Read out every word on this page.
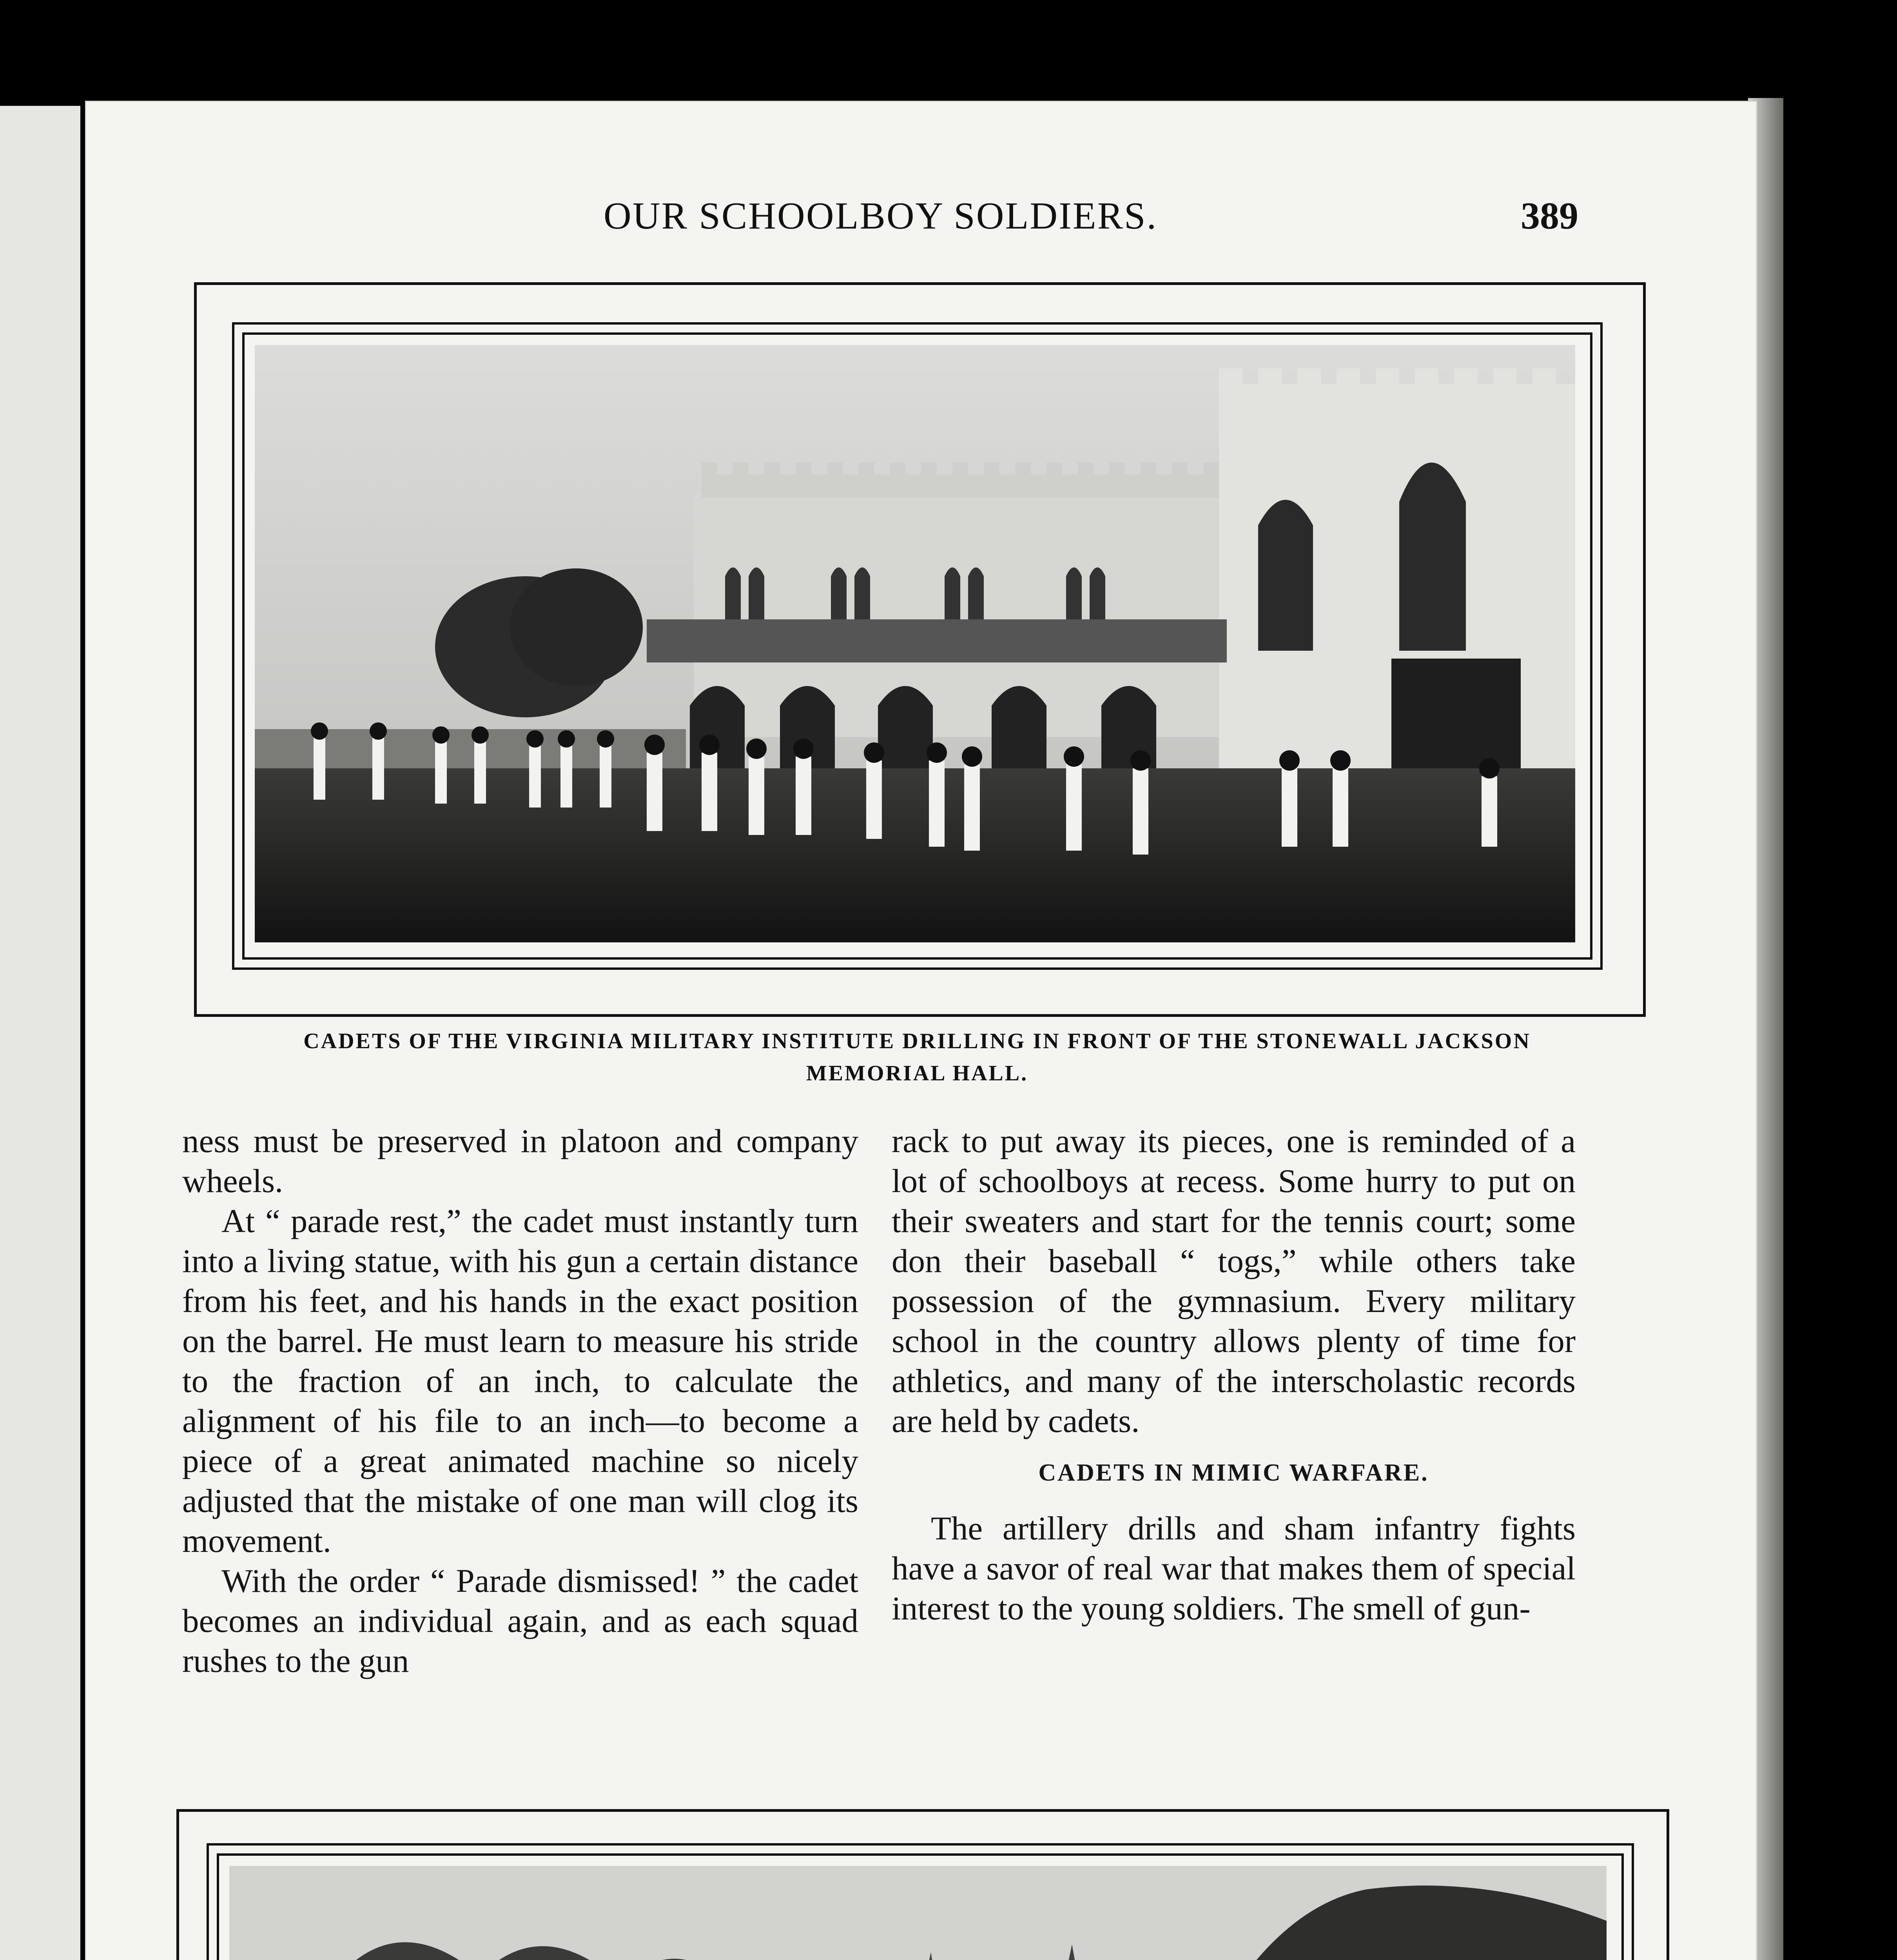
OUR SCHOOLBOY SOLDIERS.	389
CADETS OF THE VIRGINIA MILITARY INSTITUTE DRILLING IN FRONT OF THE STONEWALL JACKSON
MEMORIAL HALL.

ness must be preserved in platoon and company wheels.

At “ parade rest,” the cadet must instantly turn into a living statue, with his gun a certain distance from his feet, and his hands in the exact position on the barrel. He must learn to measure his stride to the fraction of an inch, to calculate the alignment of his file to an inch—to become a piece of a great animated machine so nicely adjusted that the mistake of one man will clog its movement.

With the order “ Parade dismissed! ” the cadet becomes an individual again, and as each squad rushes to the gun

rack to put away its pieces, one is reminded of a lot of schoolboys at recess. Some hurry to put on their sweaters and start for the tennis court; some don their baseball “ togs,” while others take possession of the gymnasium. Every military school in the country allows plenty of time for athletics, and many of the interscholastic records are held by cadets.

CADETS IN MIMIC WARFARE.

The artillery drills and sham infantry fights have a savor of real war that makes them of special interest to the young soldiers. The smell of gun-
